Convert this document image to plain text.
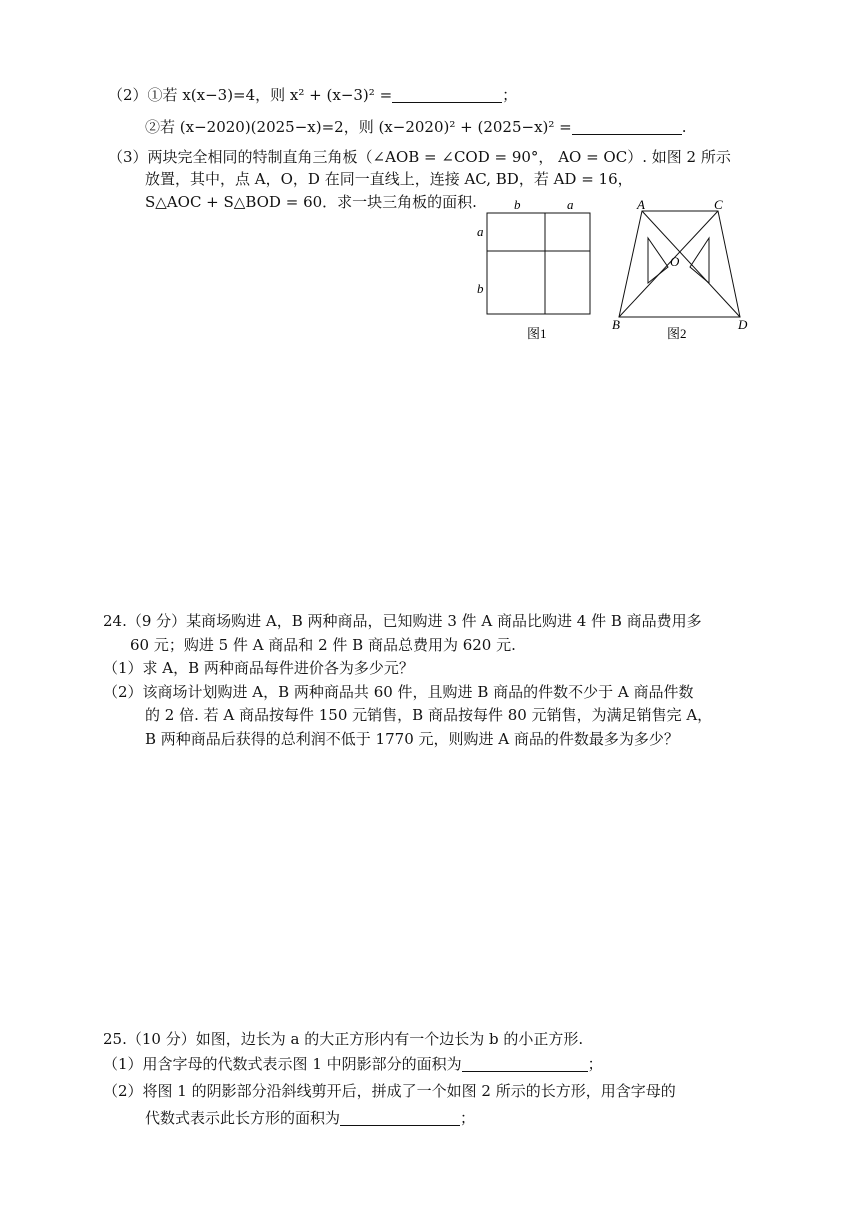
（2）①若 x(x−3)=4，则 x² + (x−3)² =	；
②若 (x−2020)(2025−x)=2，则 (x−2020)² + (2025−x)² =	.
（3）两块完全相同的特制直角三角板（∠AOB = ∠COD = 90°， AO = OC）. 如图 2 所示
放置，其中，点 A，O，D 在同一直线上，连接 AC, BD，若 AD = 16，
S△AOC + S△BOD = 60．求一块三角板的面积.	b	a
a
b
图1
A	C
O
B	D
图2
24.（9 分）某商场购进 A，B 两种商品，已知购进 3 件 A 商品比购进 4 件 B 商品费用多
60 元；购进 5 件 A 商品和 2 件 B 商品总费用为 620 元.
（1）求 A，B 两种商品每件进价各为多少元？
（2）该商场计划购进 A，B 两种商品共 60 件，且购进 B 商品的件数不少于 A 商品件数
的 2 倍. 若 A 商品按每件 150 元销售，B 商品按每件 80 元销售，为满足销售完 A，
B 两种商品后获得的总利润不低于 1770 元，则购进 A 商品的件数最多为多少？
25.（10 分）如图，边长为 a 的大正方形内有一个边长为 b 的小正方形.
（1）用含字母的代数式表示图 1 中阴影部分的面积为	；
（2）将图 1 的阴影部分沿斜线剪开后，拼成了一个如图 2 所示的长方形，用含字母的
代数式表示此长方形的面积为	；
